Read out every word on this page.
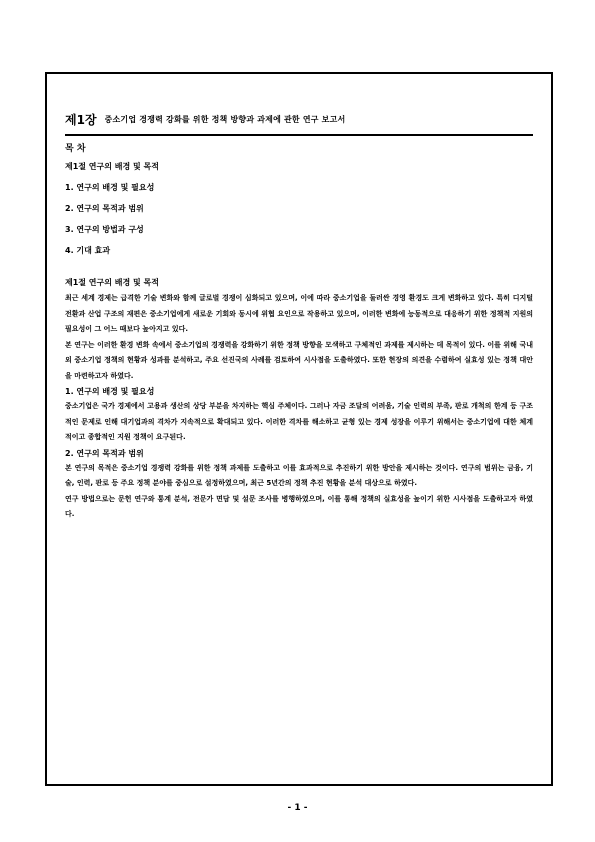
제1장 중소기업 경쟁력 강화를 위한 정책 방향과 과제에 관한 연구 보고서
목 차
제1절 연구의 배경 및 목적
1. 연구의 배경 및 필요성
2. 연구의 목적과 범위
3. 연구의 방법과 구성
4. 기대 효과
제1절 연구의 배경 및 목적
최근 세계 경제는 급격한 기술 변화와 함께 글로벌 경쟁이 심화되고 있으며, 이에 따라 중소기업을 둘러싼 경영 환경도 크게 변화하고 있다. 특히 디지털 전환과 산업 구조의 재편은 중소기업에게 새로운 기회와 동시에 위협 요인으로 작용하고 있으며, 이러한 변화에 능동적으로 대응하기 위한 정책적 지원의 필요성이 그 어느 때보다 높아지고 있다.
본 연구는 이러한 환경 변화 속에서 중소기업의 경쟁력을 강화하기 위한 정책 방향을 모색하고 구체적인 과제를 제시하는 데 목적이 있다. 이를 위해 국내외 중소기업 정책의 현황과 성과를 분석하고, 주요 선진국의 사례를 검토하여 시사점을 도출하였다. 또한 현장의 의견을 수렴하여 실효성 있는 정책 대안을 마련하고자 하였다.
1. 연구의 배경 및 필요성
중소기업은 국가 경제에서 고용과 생산의 상당 부분을 차지하는 핵심 주체이다. 그러나 자금 조달의 어려움, 기술 인력의 부족, 판로 개척의 한계 등 구조적인 문제로 인해 대기업과의 격차가 지속적으로 확대되고 있다. 이러한 격차를 해소하고 균형 있는 경제 성장을 이루기 위해서는 중소기업에 대한 체계적이고 종합적인 지원 정책이 요구된다.
2. 연구의 목적과 범위
본 연구의 목적은 중소기업 경쟁력 강화를 위한 정책 과제를 도출하고 이를 효과적으로 추진하기 위한 방안을 제시하는 것이다. 연구의 범위는 금융, 기술, 인력, 판로 등 주요 정책 분야를 중심으로 설정하였으며, 최근 5년간의 정책 추진 현황을 분석 대상으로 하였다.
연구 방법으로는 문헌 연구와 통계 분석, 전문가 면담 및 설문 조사를 병행하였으며, 이를 통해 정책의 실효성을 높이기 위한 시사점을 도출하고자 하였다.
- 1 -
